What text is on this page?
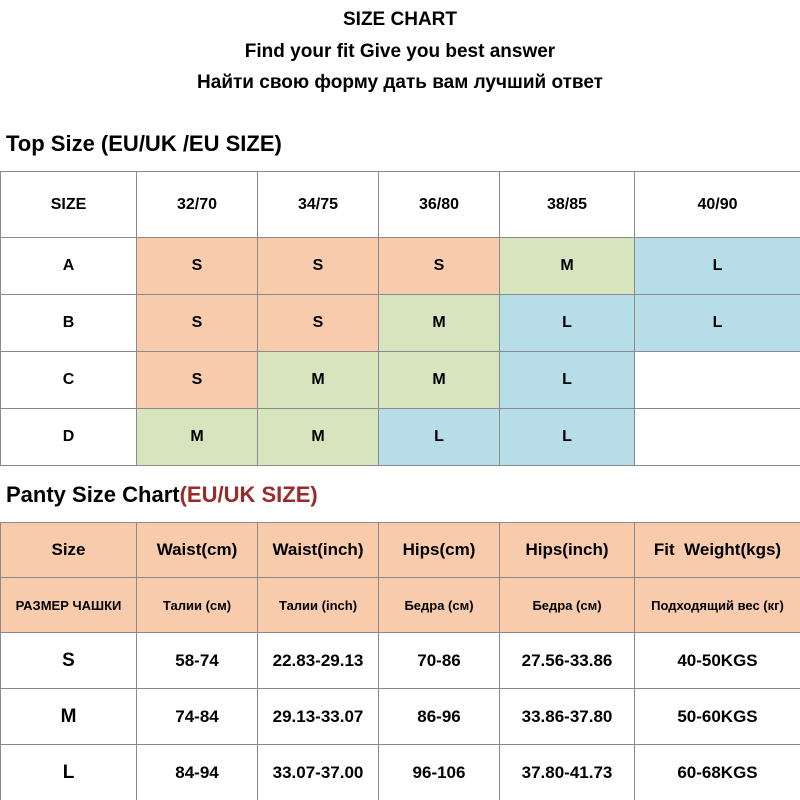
SIZE CHART
Find your fit Give you best answer
Найти свою форму дать вам лучший ответ
Top Size (EU/UK /EU SIZE)
SIZE	32/70	34/75	36/80	38/85	40/90
A	S	S	S	M	L
B	S	S	M	L	L
C	S	M	M	L	
D	M	M	L	L	
Panty Size Chart (EU/UK SIZE)
Size	Waist(cm)	Waist(inch)	Hips(cm)	Hips(inch)	Fit  Weight(kgs)
РАЗМЕР ЧАШКИ	Талии (см)	Талии (inch)	Бедра (см)	Бедра (см)	Подходящий вес (кг)
S	58-74	22.83-29.13	70-86	27.56-33.86	40-50KGS
M	74-84	29.13-33.07	86-96	33.86-37.80	50-60KGS
L	84-94	33.07-37.00	96-106	37.80-41.73	60-68KGS
